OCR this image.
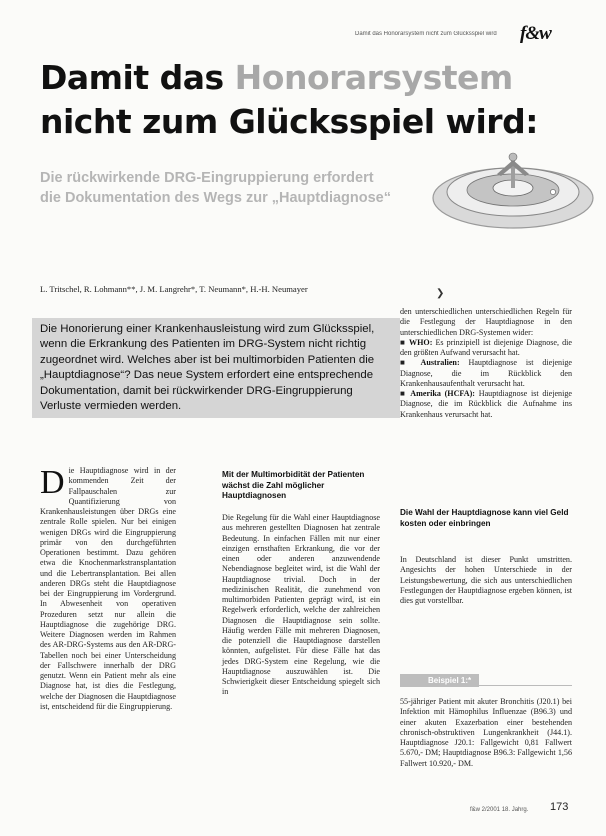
Damit das Honorarsystem nicht zum Glücksspiel wird	f&w
Damit das Honorarsystem
nicht zum Glücksspiel wird:
Die rückwirkende DRG-Eingruppierung erfordert
die Dokumentation des Wegs zur „Hauptdiagnose“
L. Tritschel, R. Lohmann**, J. M. Langrehr*, T. Neumann*, H.-H. Neumayer	❯
Die Honorierung einer Krankenhausleistung wird zum Glücksspiel, wenn die Erkrankung des Patienten im DRG-System nicht richtig zugeordnet wird. Welches aber ist bei multimorbiden Patienten die „Hauptdiagnose“? Das neue System erfordert eine entsprechende Dokumentation, damit bei rückwirkender DRG-Eingruppierung Verluste vermieden werden.
Die Hauptdiagnose wird in der kommenden Zeit der Fallpauschalen zur Quantifizierung von Krankenhausleistungen über DRGs eine zentrale Rolle spielen. Nur bei einigen wenigen DRGs wird die Eingruppierung primär von den durchgeführten Operationen bestimmt. Dazu gehören etwa die Knochenmarkstransplantation und die Lebertransplantation. Bei allen anderen DRGs steht die Hauptdiagnose bei der Eingruppierung im Vordergrund. In Abwesenheit von operativen Prozeduren setzt nur allein die Hauptdiagnose die zugehörige DRG. Weitere Diagnosen werden im Rahmen des AR-DRG-Systems aus den AR-DRG-Tabellen noch bei einer Unterscheidung der Fallschwere innerhalb der DRG genutzt. Wenn ein Patient mehr als eine Diagnose hat, ist dies die Festlegung, welche der Diagnosen die Hauptdiagnose ist, entscheidend für die Eingruppierung.
Mit der Multimorbidität der Patienten wächst die Zahl möglicher Hauptdiagnosen
Die Regelung für die Wahl einer Hauptdiagnose aus mehreren gestellten Diagnosen hat zentrale Bedeutung. In einfachen Fällen mit nur einer einzigen ernsthaften Erkrankung, die vor der einen oder anderen anzuwendende Nebendiagnose begleitet wird, ist die Wahl der Hauptdiagnose trivial. Doch in der medizinischen Realität, die zunehmend von multimorbiden Patienten geprägt wird, ist ein Regelwerk erforderlich, welche der zahlreichen Diagnosen die Hauptdiagnose sein sollte. Häufig werden Fälle mit mehreren Diagnosen, die potenziell die Hauptdiagnose darstellen könnten, aufgelistet. Für diese Fälle hat das jedes DRG-System eine Regelung, wie die Hauptdiagnose auszuwählen ist. Die Schwierigkeit dieser Entscheidung spiegelt sich in
den unterschiedlichen unterschiedlichen Regeln für die Festlegung der Hauptdiagnose in den unterschiedlichen DRG-Systemen wider:

■ WHO: Es prinzipiell ist diejenige Diagnose, die den größten Aufwand verursacht hat.

■ Australien: Hauptdiagnose ist diejenige Diagnose, die im Rückblick den Krankenhausaufenthalt verursacht hat.

■ Amerika (HCFA): Hauptdiagnose ist diejenige Diagnose, die im Rückblick die Aufnahme ins Krankenhaus verursacht hat.

Die Wahl der Hauptdiagnose kann viel Geld kosten oder einbringen
In Deutschland ist dieser Punkt umstritten. Angesichts der hohen Unterschiede in der Leistungsbewertung, die sich aus unterschiedlichen Festlegungen der Hauptdiagnose ergeben können, ist dies gut vorstellbar.
Beispiel 1:*
55-jähriger Patient mit akuter Bronchitis (J20.1) bei Infektion mit Hämophilus Influenzae (B96.3) und einer akuten Exazerbation einer bestehenden chronisch-obstruktiven Lungenkrankheit (J44.1). Hauptdiagnose J20.1: Fallgewicht 0,81 Fallwert 5.670,- DM; Hauptdiagnose B96.3: Fallgewicht 1,56 Fallwert 10.920,- DM.
f&w 2/2001 18. Jahrg. 173
